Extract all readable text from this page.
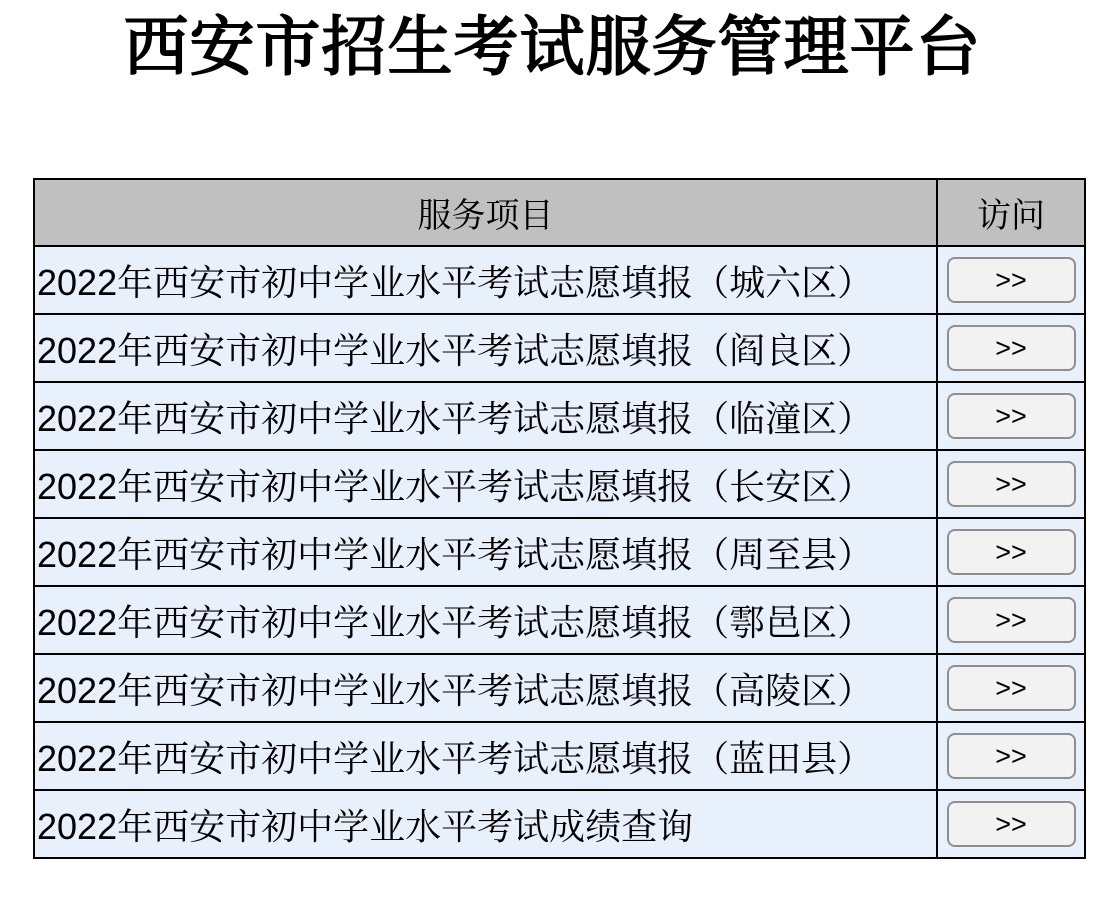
西安市招生考试服务管理平台
服务项目	访问
2022年西安市初中学业水平考试志愿填报（城六区）	>>
2022年西安市初中学业水平考试志愿填报（阎良区）	>>
2022年西安市初中学业水平考试志愿填报（临潼区）	>>
2022年西安市初中学业水平考试志愿填报（长安区）	>>
2022年西安市初中学业水平考试志愿填报（周至县）	>>
2022年西安市初中学业水平考试志愿填报（鄠邑区）	>>
2022年西安市初中学业水平考试志愿填报（高陵区）	>>
2022年西安市初中学业水平考试志愿填报（蓝田县）	>>
2022年西安市初中学业水平考试成绩查询	>>
